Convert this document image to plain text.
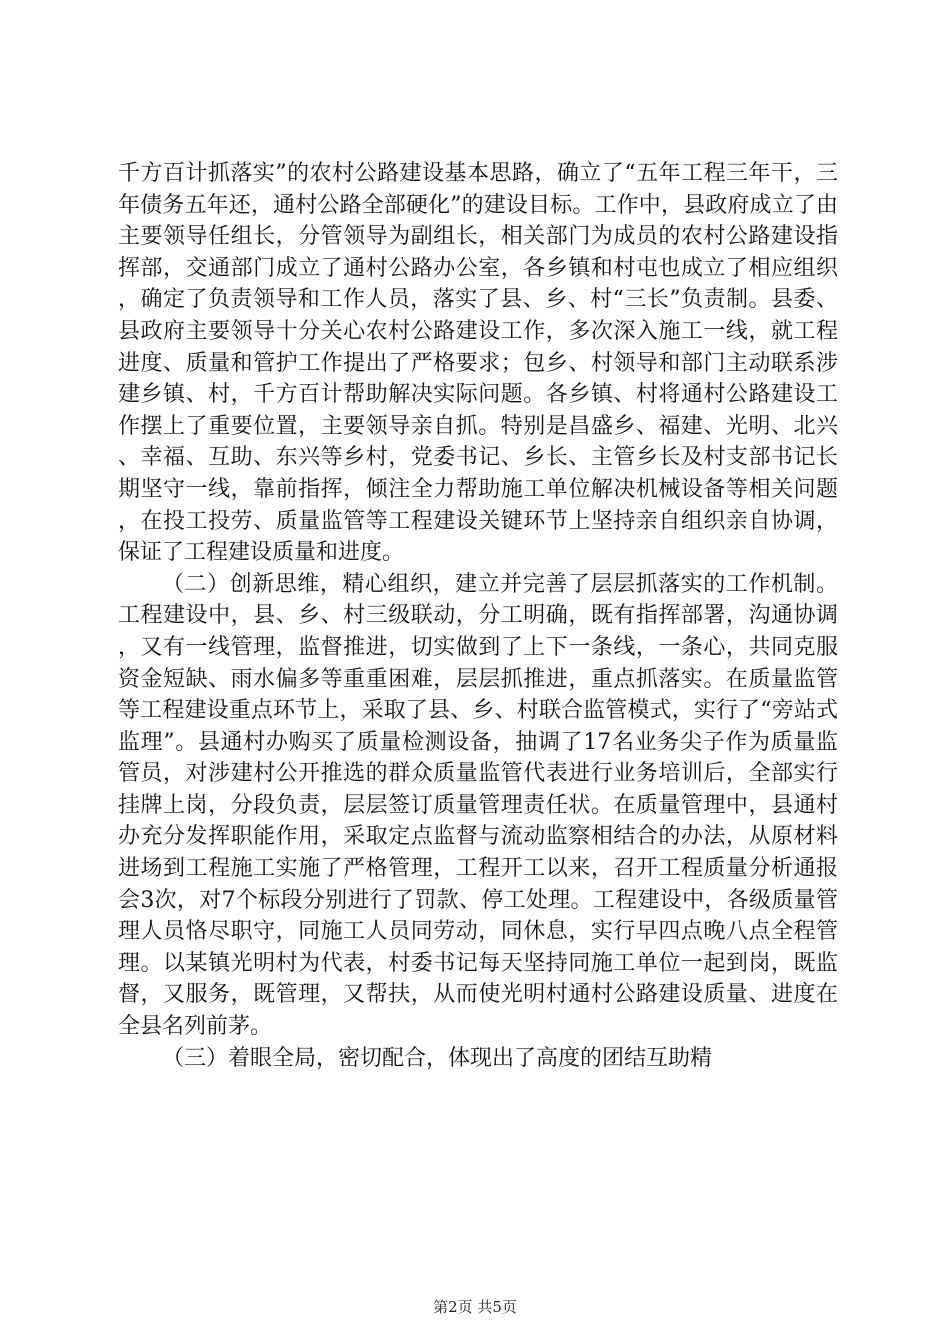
千方百计抓落实”的农村公路建设基本思路，确立了“五年工程三年干，三年债务五年还，通村公路全部硬化”的建设目标。工作中，县政府成立了由主要领导任组长，分管领导为副组长，相关部门为成员的农村公路建设指挥部，交通部门成立了通村公路办公室，各乡镇和村屯也成立了相应组织，确定了负责领导和工作人员，落实了县、乡、村“三长”负责制。县委、县政府主要领导十分关心农村公路建设工作，多次深入施工一线，就工程进度、质量和管护工作提出了严格要求；包乡、村领导和部门主动联系涉建乡镇、村，千方百计帮助解决实际问题。各乡镇、村将通村公路建设工作摆上了重要位置，主要领导亲自抓。特别是昌盛乡、福建、光明、北兴、幸福、互助、东兴等乡村，党委书记、乡长、主管乡长及村支部书记长期坚守一线，靠前指挥，倾注全力帮助施工单位解决机械设备等相关问题，在投工投劳、质量监管等工程建设关键环节上坚持亲自组织亲自协调，保证了工程建设质量和进度。

（二）创新思维，精心组织，建立并完善了层层抓落实的工作机制。工程建设中，县、乡、村三级联动，分工明确，既有指挥部署，沟通协调，又有一线管理，监督推进，切实做到了上下一条线，一条心，共同克服资金短缺、雨水偏多等重重困难，层层抓推进，重点抓落实。在质量监管等工程建设重点环节上，采取了县、乡、村联合监管模式，实行了“旁站式监理”。县通村办购买了质量检测设备，抽调了17名业务尖子作为质量监管员，对涉建村公开推选的群众质量监管代表进行业务培训后，全部实行挂牌上岗，分段负责，层层签订质量管理责任状。在质量管理中，县通村办充分发挥职能作用，采取定点监督与流动监察相结合的办法，从原材料进场到工程施工实施了严格管理，工程开工以来，召开工程质量分析通报会3次，对7个标段分别进行了罚款、停工处理。工程建设中，各级质量管理人员恪尽职守，同施工人员同劳动，同休息，实行早四点晚八点全程管理。以某镇光明村为代表，村委书记每天坚持同施工单位一起到岗，既监督，又服务，既管理，又帮扶，从而使光明村通村公路建设质量、进度在全县名列前茅。

（三）着眼全局，密切配合，体现出了高度的团结互助精

第2页 共5页
